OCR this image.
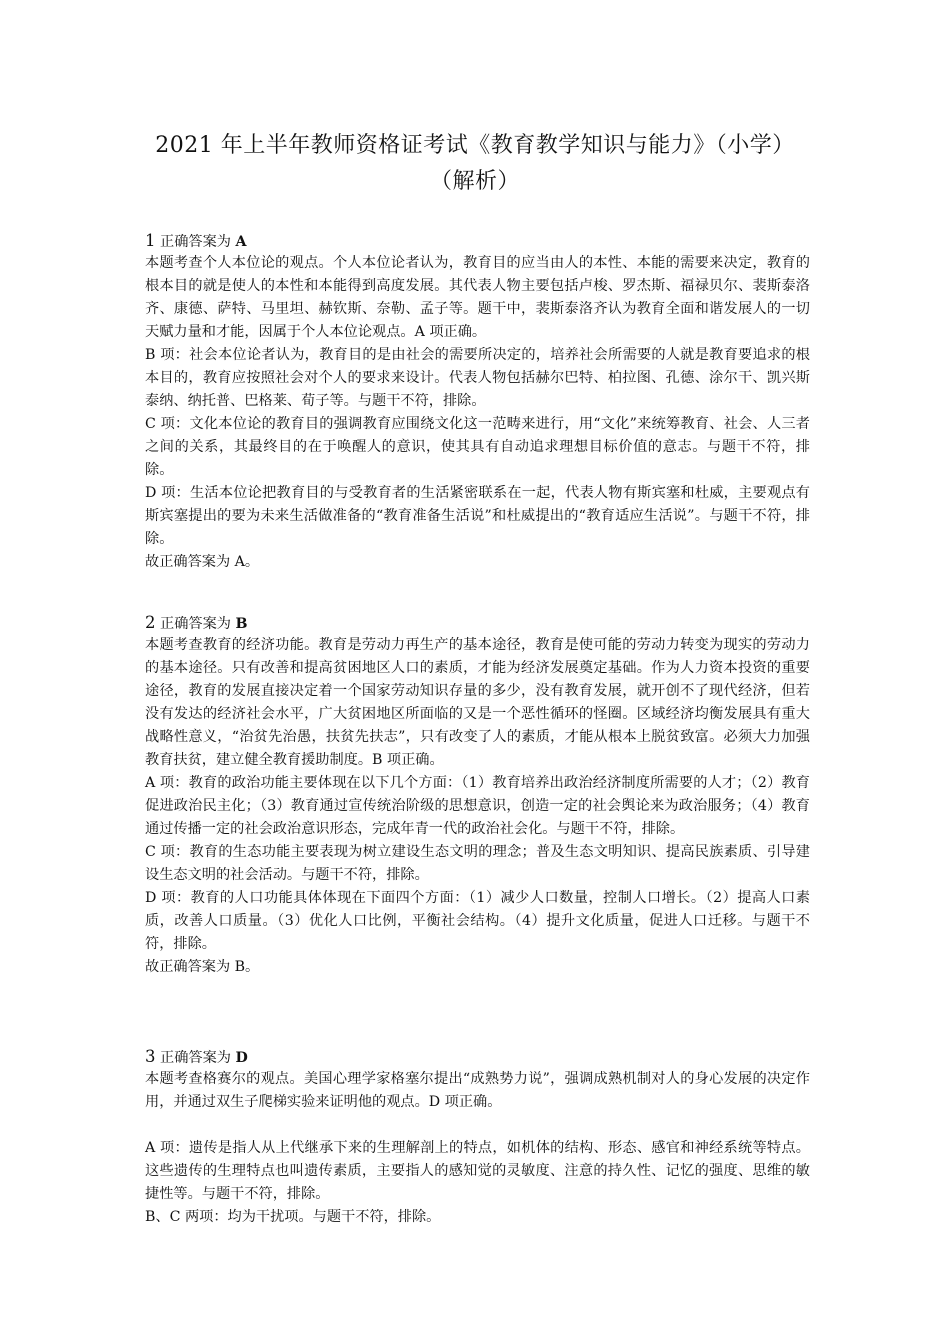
2021 年上半年教师资格证考试《教育教学知识与能力》（小学）
（解析）

1 正确答案为 A

本题考查个人本位论的观点。个人本位论者认为，教育目的应当由人的本性、本能的需要来决定，教育的根本目的就是使人的本性和本能得到高度发展。其代表人物主要包括卢梭、罗杰斯、福禄贝尔、裴斯泰洛齐、康德、萨特、马里坦、赫钦斯、奈勒、孟子等。题干中，裴斯泰洛齐认为教育全面和谐发展人的一切天赋力量和才能，因属于个人本位论观点。A 项正确。

B 项：社会本位论者认为，教育目的是由社会的需要所决定的，培养社会所需要的人就是教育要追求的根本目的，教育应按照社会对个人的要求来设计。代表人物包括赫尔巴特、柏拉图、孔德、涂尔干、凯兴斯泰纳、纳托普、巴格莱、荀子等。与题干不符，排除。

C 项：文化本位论的教育目的强调教育应围绕文化这一范畴来进行，用“文化”来统筹教育、社会、人三者之间的关系，其最终目的在于唤醒人的意识，使其具有自动追求理想目标价值的意志。与题干不符，排除。

D 项：生活本位论把教育目的与受教育者的生活紧密联系在一起，代表人物有斯宾塞和杜威，主要观点有斯宾塞提出的要为未来生活做准备的“教育准备生活说”和杜威提出的“教育适应生活说”。与题干不符，排除。

故正确答案为 A。

2 正确答案为 B

本题考查教育的经济功能。教育是劳动力再生产的基本途径，教育是使可能的劳动力转变为现实的劳动力的基本途径。只有改善和提高贫困地区人口的素质，才能为经济发展奠定基础。作为人力资本投资的重要途径，教育的发展直接决定着一个国家劳动知识存量的多少，没有教育发展，就开创不了现代经济，但若没有发达的经济社会水平，广大贫困地区所面临的又是一个恶性循环的怪圈。区域经济均衡发展具有重大战略性意义，“治贫先治愚，扶贫先扶志”，只有改变了人的素质，才能从根本上脱贫致富。必须大力加强教育扶贫，建立健全教育援助制度。B 项正确。

A 项：教育的政治功能主要体现在以下几个方面：（1）教育培养出政治经济制度所需要的人才；（2）教育促进政治民主化；（3）教育通过宣传统治阶级的思想意识，创造一定的社会舆论来为政治服务；（4）教育通过传播一定的社会政治意识形态，完成年青一代的政治社会化。与题干不符，排除。

C 项：教育的生态功能主要表现为树立建设生态文明的理念；普及生态文明知识、提高民族素质、引导建设生态文明的社会活动。与题干不符，排除。

D 项：教育的人口功能具体体现在下面四个方面：（1）减少人口数量，控制人口增长。（2）提高人口素质，改善人口质量。（3）优化人口比例，平衡社会结构。（4）提升文化质量，促进人口迁移。与题干不符，排除。

故正确答案为 B。

3 正确答案为 D

本题考查格赛尔的观点。美国心理学家格塞尔提出“成熟势力说”，强调成熟机制对人的身心发展的决定作用，并通过双生子爬梯实验来证明他的观点。D 项正确。

A 项：遗传是指人从上代继承下来的生理解剖上的特点，如机体的结构、形态、感官和神经系统等特点。这些遗传的生理特点也叫遗传素质，主要指人的感知觉的灵敏度、注意的持久性、记忆的强度、思维的敏捷性等。与题干不符，排除。

B、C 两项：均为干扰项。与题干不符，排除。
